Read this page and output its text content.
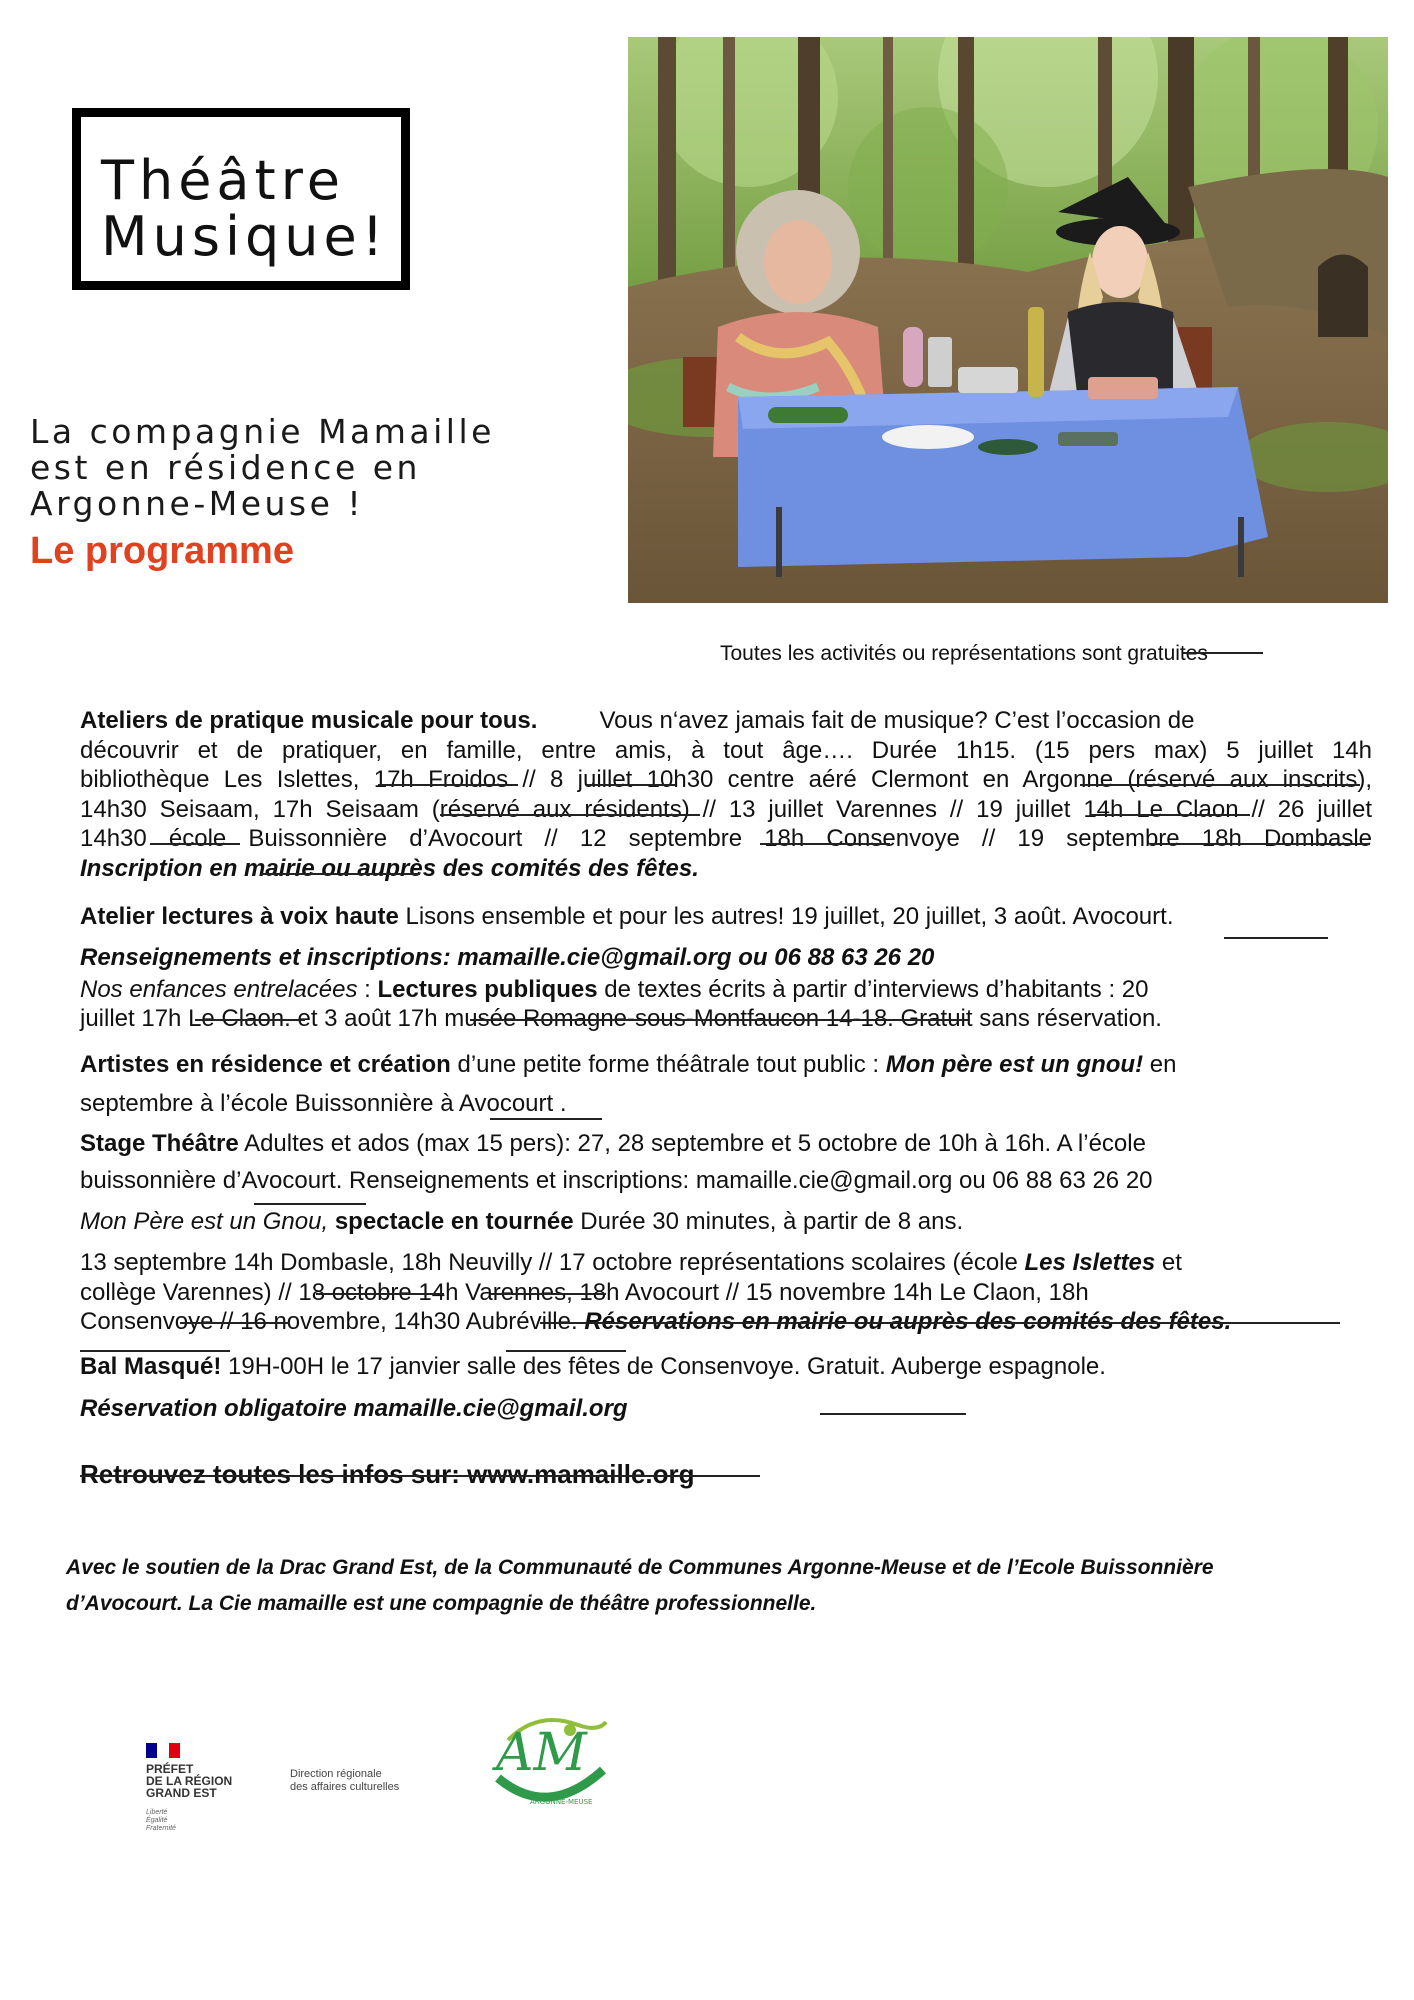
Théâtre
Musique!
La compagnie Mamaille
est en résidence en
Argonne-Meuse !
Le programme
Toutes les activités ou représentations sont gratuites
Ateliers de pratique musicale pour tous.	Vous n‘avez jamais fait de musique? C’est l’occasion de
découvrir et de pratiquer, en famille, entre amis, à tout âge…. Durée 1h15. (15 pers max) 5 juillet 14h
bibliothèque Les Islettes, 17h Froidos // 8 juillet 10h30 centre aéré Clermont en Argonne (réservé aux inscrits),
14h30 Seisaam, 17h Seisaam (réservé aux résidents) // 13 juillet Varennes // 19 juillet 14h Le Claon // 26 juillet
14h30 école Buissonnière d’Avocourt // 12 septembre 18h Consenvoye // 19 septembre 18h Dombasle
Inscription en mairie ou auprès des comités des fêtes.
Atelier lectures à voix haute Lisons ensemble et pour les autres! 19 juillet, 20 juillet, 3 août. Avocourt.
Renseignements et inscriptions: mamaille.cie@gmail.org ou 06 88 63 26 20
Nos enfances entrelacées : Lectures publiques de textes écrits à partir d’interviews d’habitants : 20
juillet 17h Le Claon. et 3 août 17h musée Romagne-sous-Montfaucon 14-18. Gratuit sans réservation.
Artistes en résidence et création d’une petite forme théâtrale tout public : Mon père est un gnou! en
septembre à l’école Buissonnière à Avocourt .
Stage Théâtre Adultes et ados (max 15 pers): 27, 28 septembre et 5 octobre de 10h à 16h. A l’école
buissonnière d’Avocourt. Renseignements et inscriptions: mamaille.cie@gmail.org ou 06 88 63 26 20
Mon Père est un Gnou, spectacle en tournée Durée 30 minutes, à partir de 8 ans.
13 septembre 14h Dombasle, 18h Neuvilly // 17 octobre représentations scolaires (école Les Islettes et
collège Varennes) // 18 octobre 14h Varennes, 18h Avocourt // 15 novembre 14h Le Claon, 18h
Consenvoye // 16 novembre, 14h30 Aubréville. Réservations en mairie ou auprès des comités des fêtes.
Bal Masqué! 19H-00H le 17 janvier salle des fêtes de Consenvoye. Gratuit. Auberge espagnole.
Réservation obligatoire mamaille.cie@gmail.org
Retrouvez toutes les infos sur: www.mamaille.org
Avec le soutien de la Drac Grand Est, de la Communauté de Communes Argonne-Meuse et de l’Ecole Buissonnière
d’Avocourt. La Cie mamaille est une compagnie de théâtre professionnelle.
PRÉFET
DE LA RÉGION
GRAND EST
Liberté
Égalité
Fraternité
Direction régionale
des affaires culturelles
AM
ARGONNE-MEUSE
